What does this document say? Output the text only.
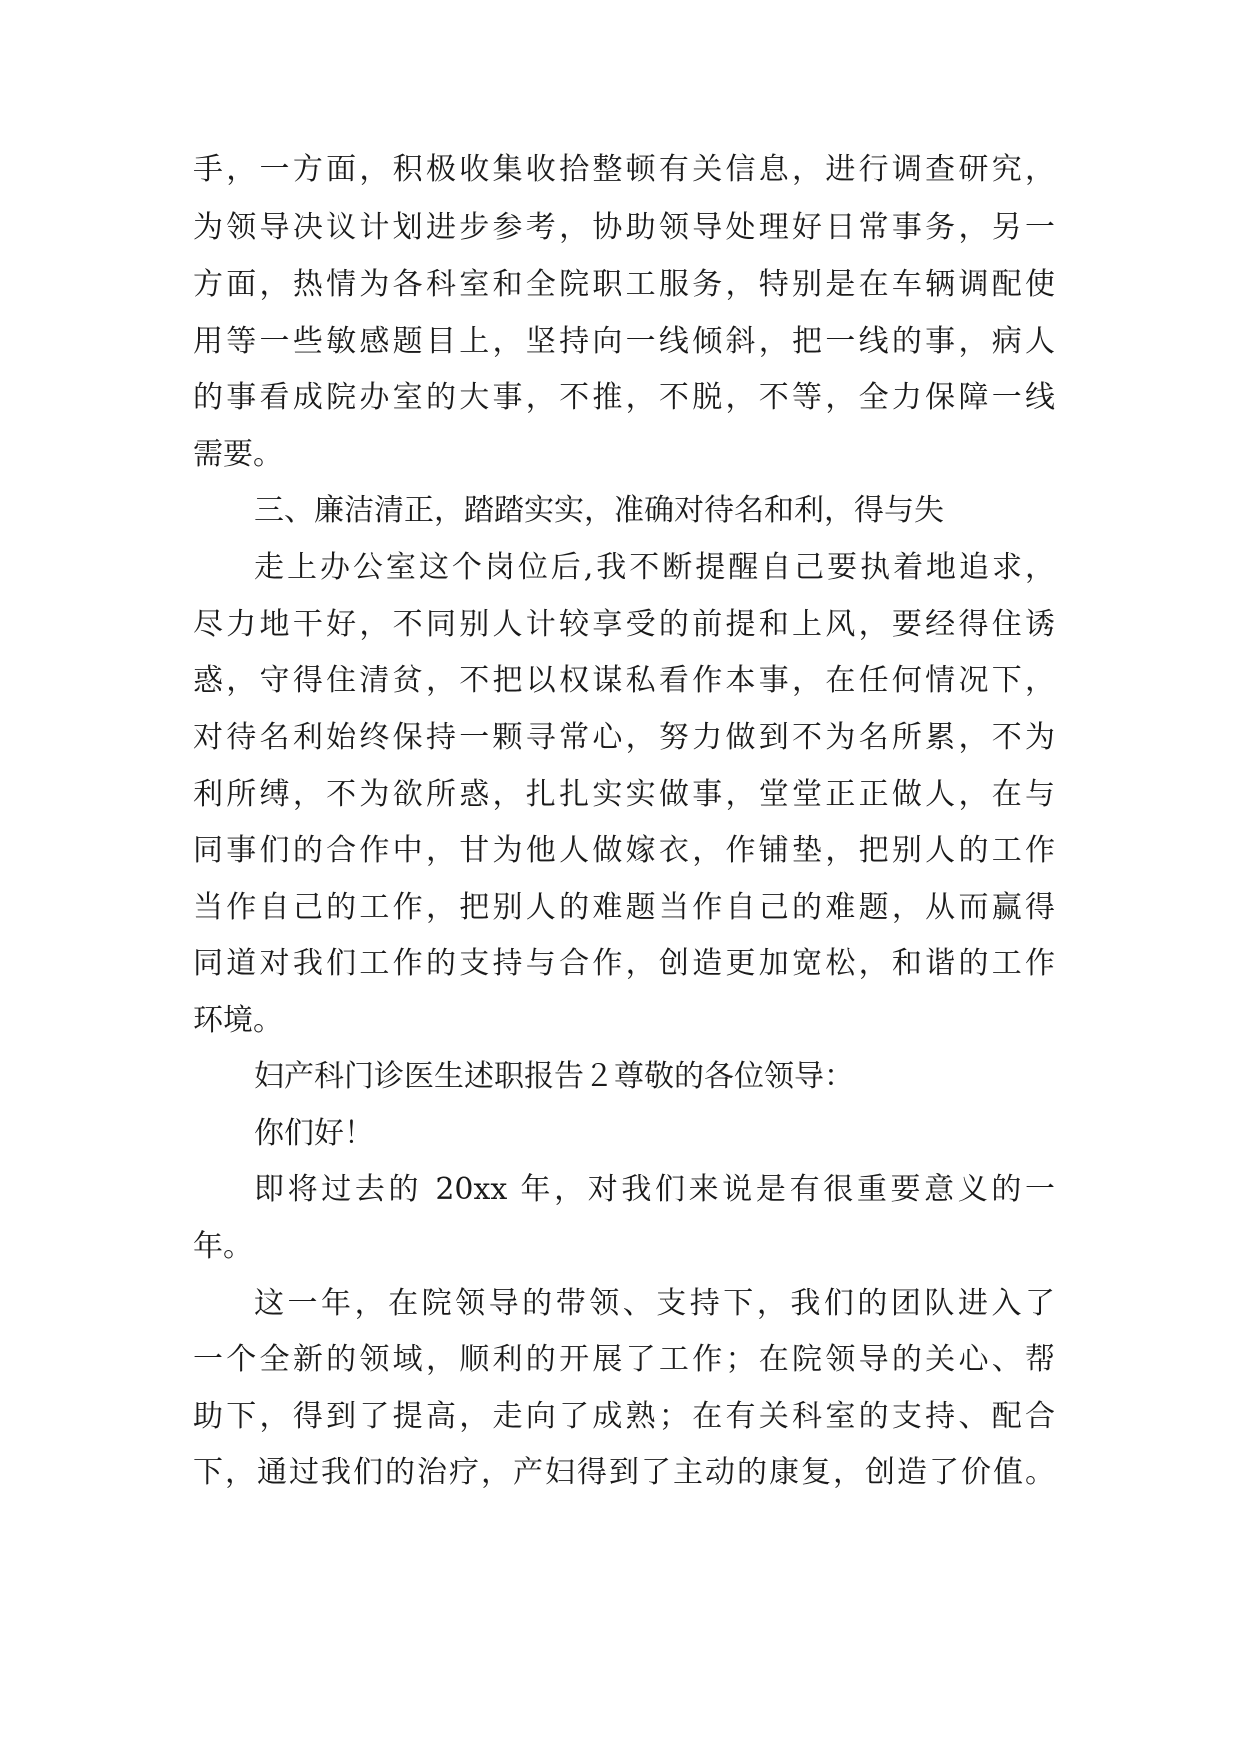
手，一方面，积极收集收拾整顿有关信息，进行调查研究，
为领导决议计划进步参考，协助领导处理好日常事务，另一
方面，热情为各科室和全院职工服务，特别是在车辆调配使
用等一些敏感题目上，坚持向一线倾斜，把一线的事，病人
的事看成院办室的大事，不推，不脱，不等，全力保障一线
需要。
三、廉洁清正，踏踏实实，准确对待名和利，得与失
走上办公室这个岗位后,我不断提醒自己要执着地追求，
尽力地干好，不同别人计较享受的前提和上风，要经得住诱
惑，守得住清贫，不把以权谋私看作本事，在任何情况下，
对待名利始终保持一颗寻常心，努力做到不为名所累，不为
利所缚，不为欲所惑，扎扎实实做事，堂堂正正做人，在与
同事们的合作中，甘为他人做嫁衣，作铺垫，把别人的工作
当作自己的工作，把别人的难题当作自己的难题，从而赢得
同道对我们工作的支持与合作，创造更加宽松，和谐的工作
环境。
妇产科门诊医生述职报告２尊敬的各位领导：
你们好！
即将过去的 20xx 年，对我们来说是有很重要意义的一
年。
这一年，在院领导的带领、支持下，我们的团队进入了
一个全新的领域，顺利的开展了工作；在院领导的关心、帮
助下，得到了提高，走向了成熟；在有关科室的支持、配合
下，通过我们的治疗，产妇得到了主动的康复，创造了价值。
